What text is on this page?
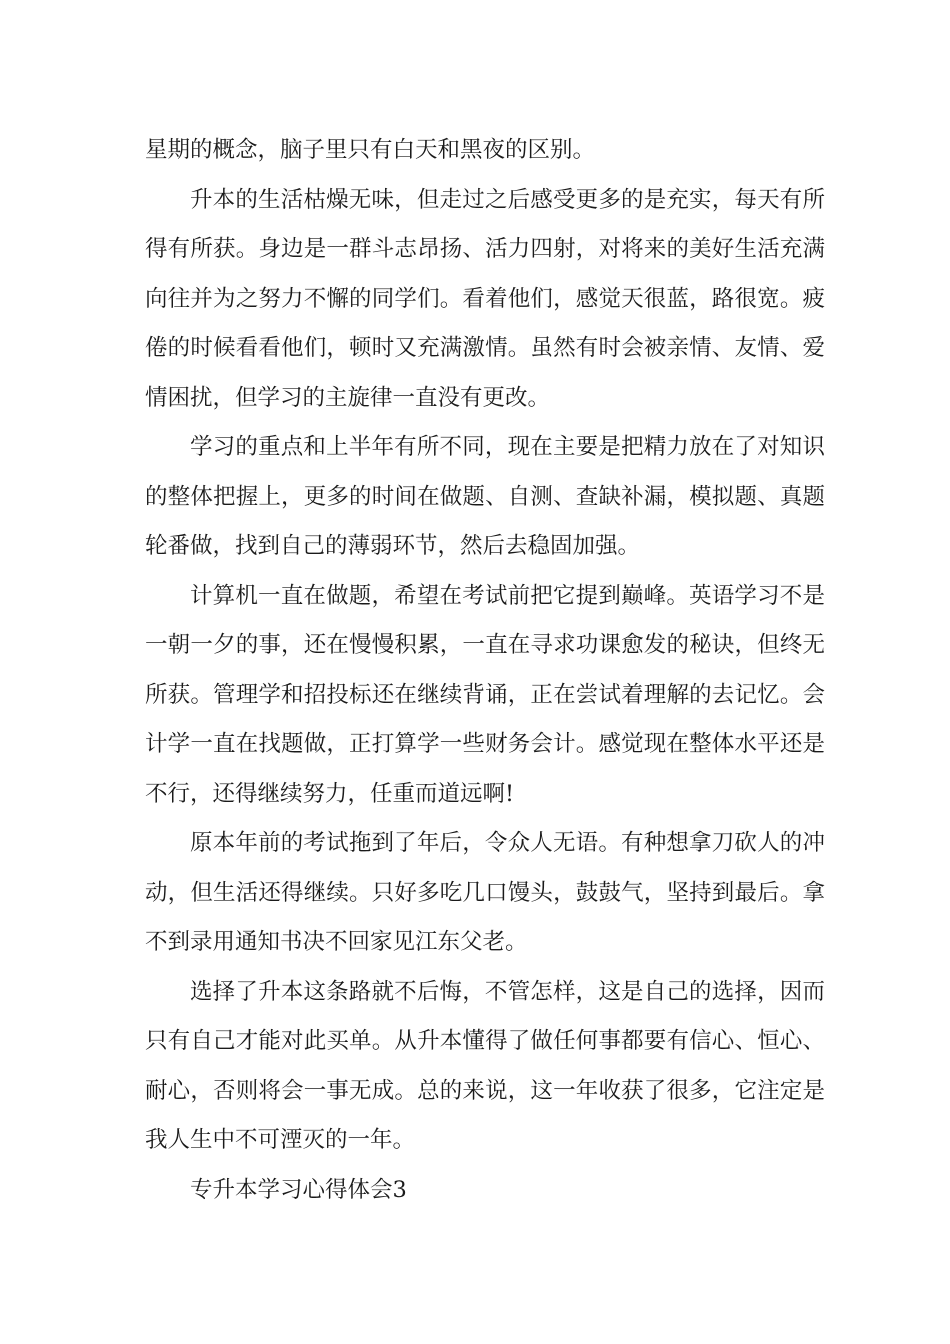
星期的概念，脑子里只有白天和黑夜的区别。

升本的生活枯燥无味，但走过之后感受更多的是充实，每天有所得有所获。身边是一群斗志昂扬、活力四射，对将来的美好生活充满向往并为之努力不懈的同学们。看着他们，感觉天很蓝，路很宽。疲倦的时候看看他们，顿时又充满激情。虽然有时会被亲情、友情、爱情困扰，但学习的主旋律一直没有更改。

学习的重点和上半年有所不同，现在主要是把精力放在了对知识的整体把握上，更多的时间在做题、自测、查缺补漏，模拟题、真题轮番做，找到自己的薄弱环节，然后去稳固加强。

计算机一直在做题，希望在考试前把它提到巅峰。英语学习不是一朝一夕的事，还在慢慢积累，一直在寻求功课愈发的秘诀，但终无所获。管理学和招投标还在继续背诵，正在尝试着理解的去记忆。会计学一直在找题做，正打算学一些财务会计。感觉现在整体水平还是不行，还得继续努力，任重而道远啊!

原本年前的考试拖到了年后，令众人无语。有种想拿刀砍人的冲动，但生活还得继续。只好多吃几口馒头，鼓鼓气，坚持到最后。拿不到录用通知书决不回家见江东父老。

选择了升本这条路就不后悔，不管怎样，这是自己的选择，因而只有自己才能对此买单。从升本懂得了做任何事都要有信心、恒心、耐心，否则将会一事无成。总的来说，这一年收获了很多，它注定是我人生中不可湮灭的一年。

专升本学习心得体会3
